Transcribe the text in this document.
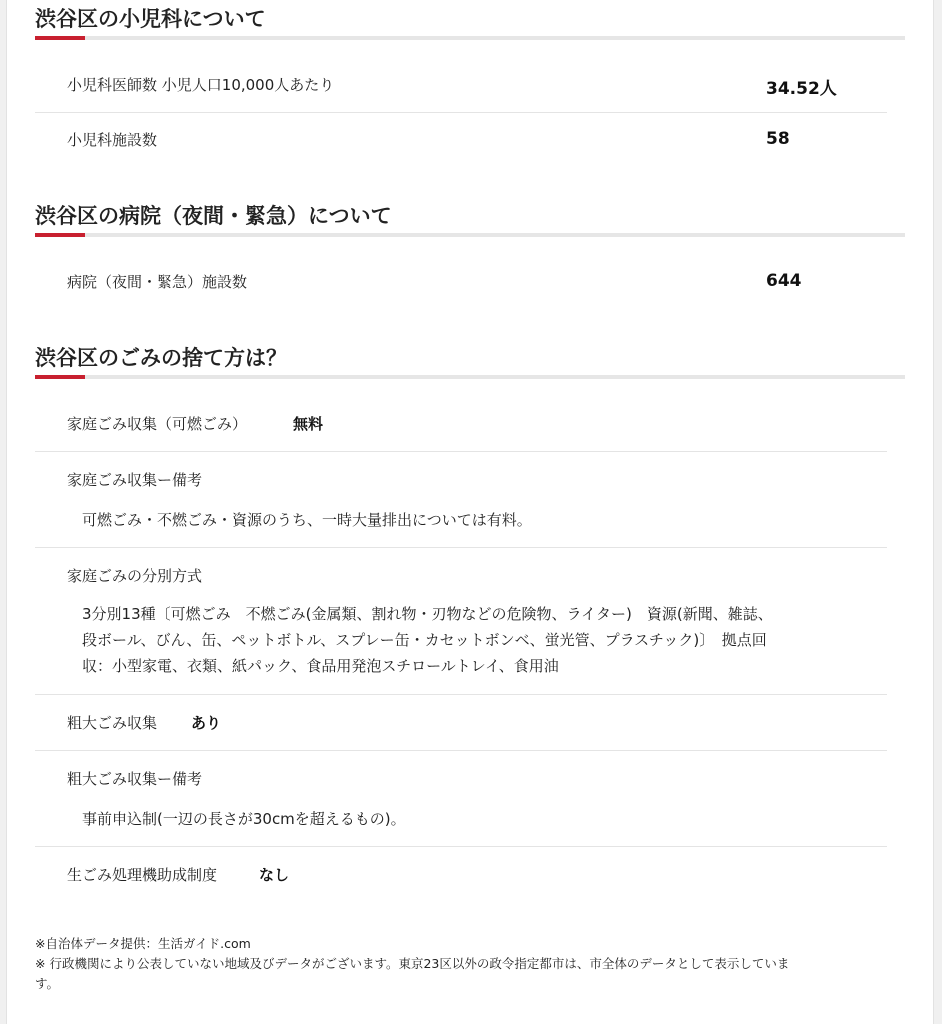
渋谷区の小児科について
小児科医師数 小児人口10,000人あたり	34.52人
小児科施設数	58
渋谷区の病院（夜間・緊急）について
病院（夜間・緊急）施設数	644
渋谷区のごみの捨て方は？
家庭ごみ収集（可燃ごみ）	無料
家庭ごみ収集ー備考
可燃ごみ・不燃ごみ・資源のうち、一時大量排出については有料。
家庭ごみの分別方式
3分別13種〔可燃ごみ　不燃ごみ(金属類、割れ物・刃物などの危険物、ライター)　資源(新聞、雑誌、
段ボール、びん、缶、ペットボトル、スプレー缶・カセットボンベ、蛍光管、プラスチック)〕　拠点回
収：小型家電、衣類、紙パック、食品用発泡スチロールトレイ、食用油
粗大ごみ収集 あり
粗大ごみ収集ー備考
事前申込制(一辺の長さが30cmを超えるもの)。
生ごみ処理機助成制度	なし
※自治体データ提供：生活ガイド.com
※ 行政機関により公表していない地域及びデータがございます。東京23区以外の政令指定都市は、市全体のデータとして表示していま
す。
